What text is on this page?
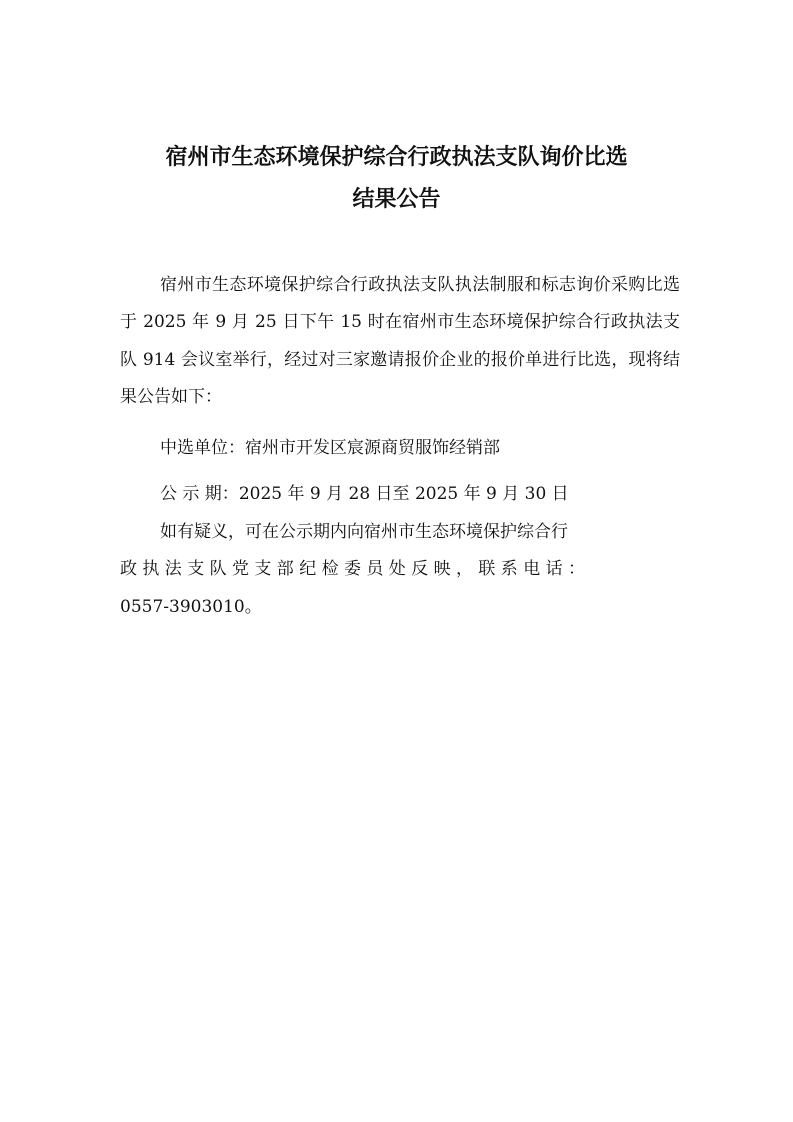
宿州市生态环境保护综合行政执法支队询价比选
结果公告

宿州市生态环境保护综合行政执法支队执法制服和标志询价采购比选于 2025 年 9 月 25 日下午 15 时在宿州市生态环境保护综合行政执法支队 914 会议室举行，经过对三家邀请报价企业的报价单进行比选，现将结果公告如下：

中选单位：宿州市开发区宸源商贸服饰经销部
公 示 期：2025 年 9 月 28 日至 2025 年 9 月 30 日
如有疑义，可在公示期内向宿州市生态环境保护综合行
政执法支队党支部纪检委员处反映，联系电话：
0557-3903010。
